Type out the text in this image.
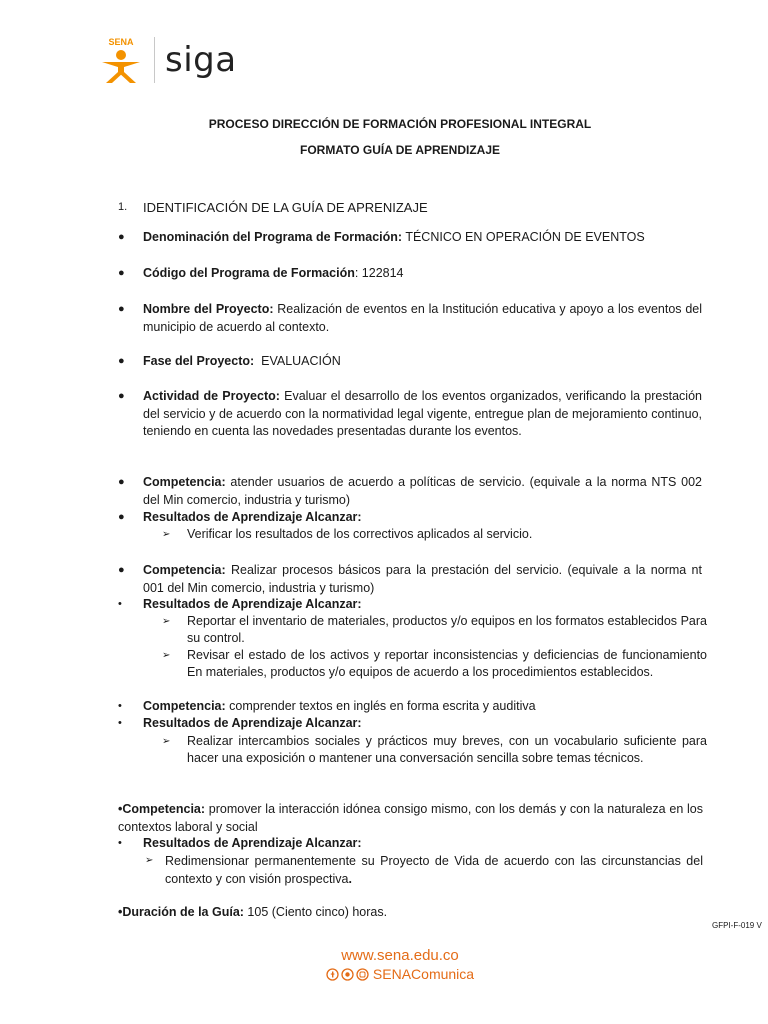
SENA siga
PROCESO DIRECCIÓN DE FORMACIÓN PROFESIONAL INTEGRAL
FORMATO GUÍA DE APRENDIZAJE
1. IDENTIFICACIÓN DE LA GUÍA DE APRENIZAJE
● Denominación del Programa de Formación: TÉCNICO EN OPERACIÓN DE EVENTOS
● Código del Programa de Formación: 122814
● Nombre del Proyecto: Realización de eventos en la Institución educativa y apoyo a los eventos del municipio de acuerdo al contexto.
● Fase del Proyecto: EVALUACIÓN
● Actividad de Proyecto: Evaluar el desarrollo de los eventos organizados, verificando la prestación del servicio y de acuerdo con la normatividad legal vigente, entregue plan de mejoramiento continuo, teniendo en cuenta las novedades presentadas durante los eventos.
● Competencia: atender usuarios de acuerdo a políticas de servicio. (equivale a la norma NTS 002 del Min comercio, industria y turismo)
● Resultados de Aprendizaje Alcanzar:
➢ Verificar los resultados de los correctivos aplicados al servicio.
● Competencia: Realizar procesos básicos para la prestación del servicio. (equivale a la norma nt 001 del Min comercio, industria y turismo)
• Resultados de Aprendizaje Alcanzar:
➢ Reportar el inventario de materiales, productos y/o equipos en los formatos establecidos Para su control.
➢ Revisar el estado de los activos y reportar inconsistencias y deficiencias de funcionamiento En materiales, productos y/o equipos de acuerdo a los procedimientos establecidos.
• Competencia: comprender textos en inglés en forma escrita y auditiva
• Resultados de Aprendizaje Alcanzar:
➢ Realizar intercambios sociales y prácticos muy breves, con un vocabulario suficiente para hacer una exposición o mantener una conversación sencilla sobre temas técnicos.
•Competencia: promover la interacción idónea consigo mismo, con los demás y con la naturaleza en los contextos laboral y social
• Resultados de Aprendizaje Alcanzar:
➢ Redimensionar permanentemente su Proyecto de Vida de acuerdo con las circunstancias del contexto y con visión prospectiva.
•Duración de la Guía: 105 (Ciento cinco) horas.
GFPI-F-019 V
www.sena.edu.co
SENAComunica
